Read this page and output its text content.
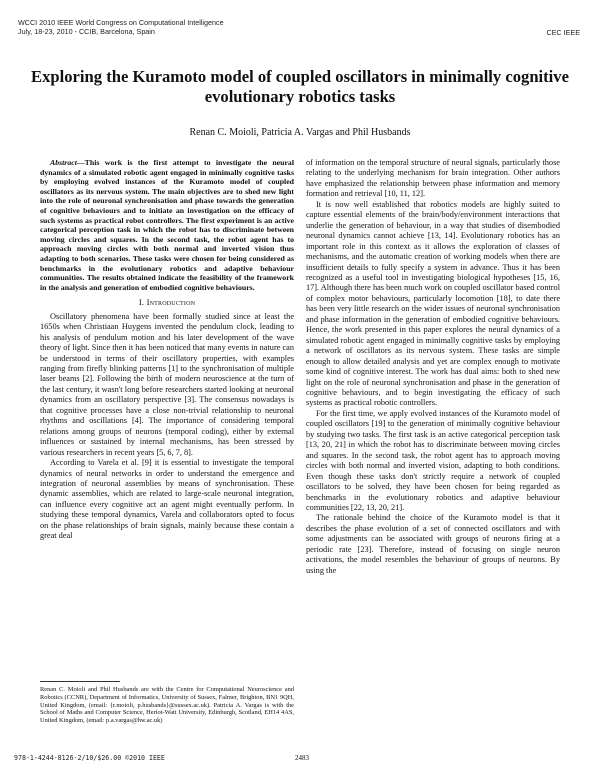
WCCI 2010 IEEE World Congress on Computational Intelligence
July, 18-23, 2010 - CCIB, Barcelona, Spain	CEC IEEE
Exploring the Kuramoto model of coupled oscillators in minimally cognitive evolutionary robotics tasks
Renan C. Moioli, Patricia A. Vargas and Phil Husbands

Abstract—This work is the first attempt to investigate the neural dynamics of a simulated robotic agent engaged in minimally cognitive tasks by employing evolved instances of the Kuramoto model of coupled oscillators as its nervous system. The main objectives are to shed new light into the role of neuronal synchronisation and phase towards the generation of cognitive behaviours and to initiate an investigation on the efficacy of such systems as practical robot controllers. The first experiment is an active categorical perception task in which the robot has to discriminate between moving circles and squares. In the second task, the robot agent has to approach moving circles with both normal and inverted vision thus adapting to both scenarios. These tasks were chosen for being considered as benchmarks in the evolutionary robotics and adaptive behaviour communities. The results obtained indicate the feasibility of the framework in the analysis and generation of embodied cognitive behaviours.

I. Introduction

Oscillatory phenomena have been formally studied since at least the 1650s when Christiaan Huygens invented the pendulum clock, leading to his analysis of pendulum motion and his later development of the wave theory of light. Since then it has been noticed that many events in nature can be understood in terms of their oscillatory properties, with examples ranging from firefly blinking patterns [1] to the synchronisation of multiple laser beams [2]. Following the birth of modern neuroscience at the turn of the last century, it wasn't long before researchers started looking at neuronal dynamics from an oscillatory perspective [3]. The consensus nowadays is that cognitive processes have a close non-trivial relationship to neuronal rhythms and oscillations [4]. The importance of considering temporal relations among groups of neurons (temporal coding), either by external influences or sustained by internal mechanisms, has been stressed by various researchers in recent years [5, 6, 7, 8].

According to Varela et al. [9] it is essential to investigate the temporal dynamics of neural networks in order to understand the emergence and integration of neuronal assemblies by means of synchronisation. These dynamic assemblies, which are related to large-scale neuronal integration, can influence every cognitive act an agent might eventually perform. In studying these temporal dynamics, Varela and collaborators opted to focus on the phase relationships of brain signals, mainly because these contain a great deal

of information on the temporal structure of neural signals, particularly those relating to the underlying mechanism for brain integration. Other authors have emphasized the relationship between phase information and memory formation and retrieval [10, 11, 12].

It is now well established that robotics models are highly suited to capture essential elements of the brain/body/environment interactions that underlie the generation of behaviour, in a way that studies of disembodied neuronal dynamics cannot achieve [13, 14]. Evolutionary robotics has an important role in this context as it allows the exploration of classes of mechanisms, and the automatic creation of working models when there are insufficient details to fully specify a system in advance. Thus it has been recognized as a useful tool in investigating biological hypotheses [15, 16, 17]. Although there has been much work on coupled oscillator based control of complex motor behaviours, particularly locomotion [18], to date there has been very little research on the wider issues of neuronal synchronisation and phase information in the generation of embodied cognitive behaviours. Hence, the work presented in this paper explores the neural dynamics of a simulated robotic agent engaged in minimally cognitive tasks by employing a network of oscillators as its nervous system. These tasks are simple enough to allow detailed analysis and yet are complex enough to motivate some kind of cognitive interest. The work has dual aims: both to shed new light on the role of neuronal synchronisation and phase in the generation of cognitive behaviours, and to begin investigating the efficacy of such systems as practical robotic controllers.

For the first time, we apply evolved instances of the Kuramoto model of coupled oscillators [19] to the generation of minimally cognitive behaviour by studying two tasks. The first task is an active categorical perception task [13, 20, 21] in which the robot has to discriminate between moving circles and squares. In the second task, the robot agent has to approach moving circles with both normal and inverted vision, adapting to both conditions. Even though these tasks don't strictly require a network of coupled oscillators to be solved, they have been chosen for being regarded as benchmarks in the evolutionary robotics and adaptive behaviour communities [22, 13, 20, 21].

The rationale behind the choice of the Kuramoto model is that it describes the phase evolution of a set of connected oscillators and with some adjustments can be associated with groups of neurons firing at a periodic rate [23]. Therefore, instead of focusing on single neuron activations, the model resembles the behaviour of groups of neurons. By using the

Renan C. Moioli and Phil Husbands are with the Centre for Computational Neuroscience and Robotics (CCNR), Department of Informatics, University of Sussex, Falmer, Brighton, BN1 9QH, United Kingdom, (email: {r.moioli, p.husbands}@sussex.ac.uk). Patricia A. Vargas is with the School of Maths and Computer Science, Heriot-Watt University, Edinburgh, Scotland, EH14 4AS, United Kingdom, (email: p.a.vargas@hw.ac.uk)
978-1-4244-8126-2/10/$26.00 ©2010 IEEE	2483
